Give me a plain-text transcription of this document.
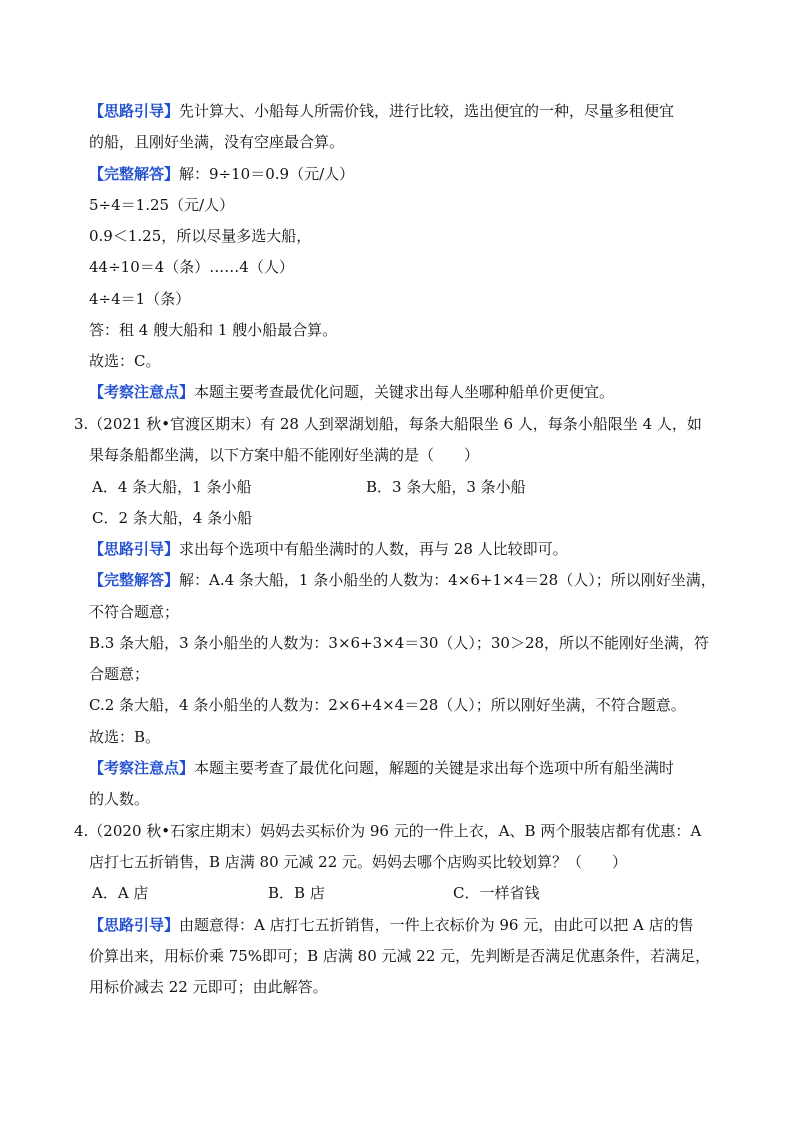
【思路引导】先计算大、小船每人所需价钱，进行比较，选出便宜的一种，尽量多租便宜
的船，且刚好坐满，没有空座最合算。
【完整解答】解：9÷10＝0.9（元/人）
5÷4＝1.25（元/人）
0.9＜1.25，所以尽量多选大船，
44÷10＝4（条）……4（人）
4÷4＝1（条）
答：租 4 艘大船和 1 艘小船最合算。
故选：C。
【考察注意点】本题主要考查最优化问题，关键求出每人坐哪种船单价更便宜。
3.（2021 秋•官渡区期末）有 28 人到翠湖划船，每条大船限坐 6 人，每条小船限坐 4 人，如
果每条船都坐满，以下方案中船不能刚好坐满的是（　　）
A．4 条大船，1 条小船	B．3 条大船，3 条小船
C．2 条大船，4 条小船
【思路引导】求出每个选项中有船坐满时的人数，再与 28 人比较即可。
【完整解答】解：A.4 条大船，1 条小船坐的人数为：4×6+1×4＝28（人）；所以刚好坐满，
不符合题意；
B.3 条大船，3 条小船坐的人数为：3×6+3×4＝30（人）；30＞28，所以不能刚好坐满，符
合题意；
C.2 条大船，4 条小船坐的人数为：2×6+4×4＝28（人）；所以刚好坐满，不符合题意。
故选：B。
【考察注意点】本题主要考查了最优化问题，解题的关键是求出每个选项中所有船坐满时
的人数。
4.（2020 秋•石家庄期末）妈妈去买标价为 96 元的一件上衣，A、B 两个服装店都有优惠：A
店打七五折销售，B 店满 80 元减 22 元。妈妈去哪个店购买比较划算？（　　）
A．A 店	B．B 店	C．一样省钱
【思路引导】由题意得：A 店打七五折销售，一件上衣标价为 96 元，由此可以把 A 店的售
价算出来，用标价乘 75%即可；B 店满 80 元减 22 元，先判断是否满足优惠条件，若满足，
用标价减去 22 元即可；由此解答。
